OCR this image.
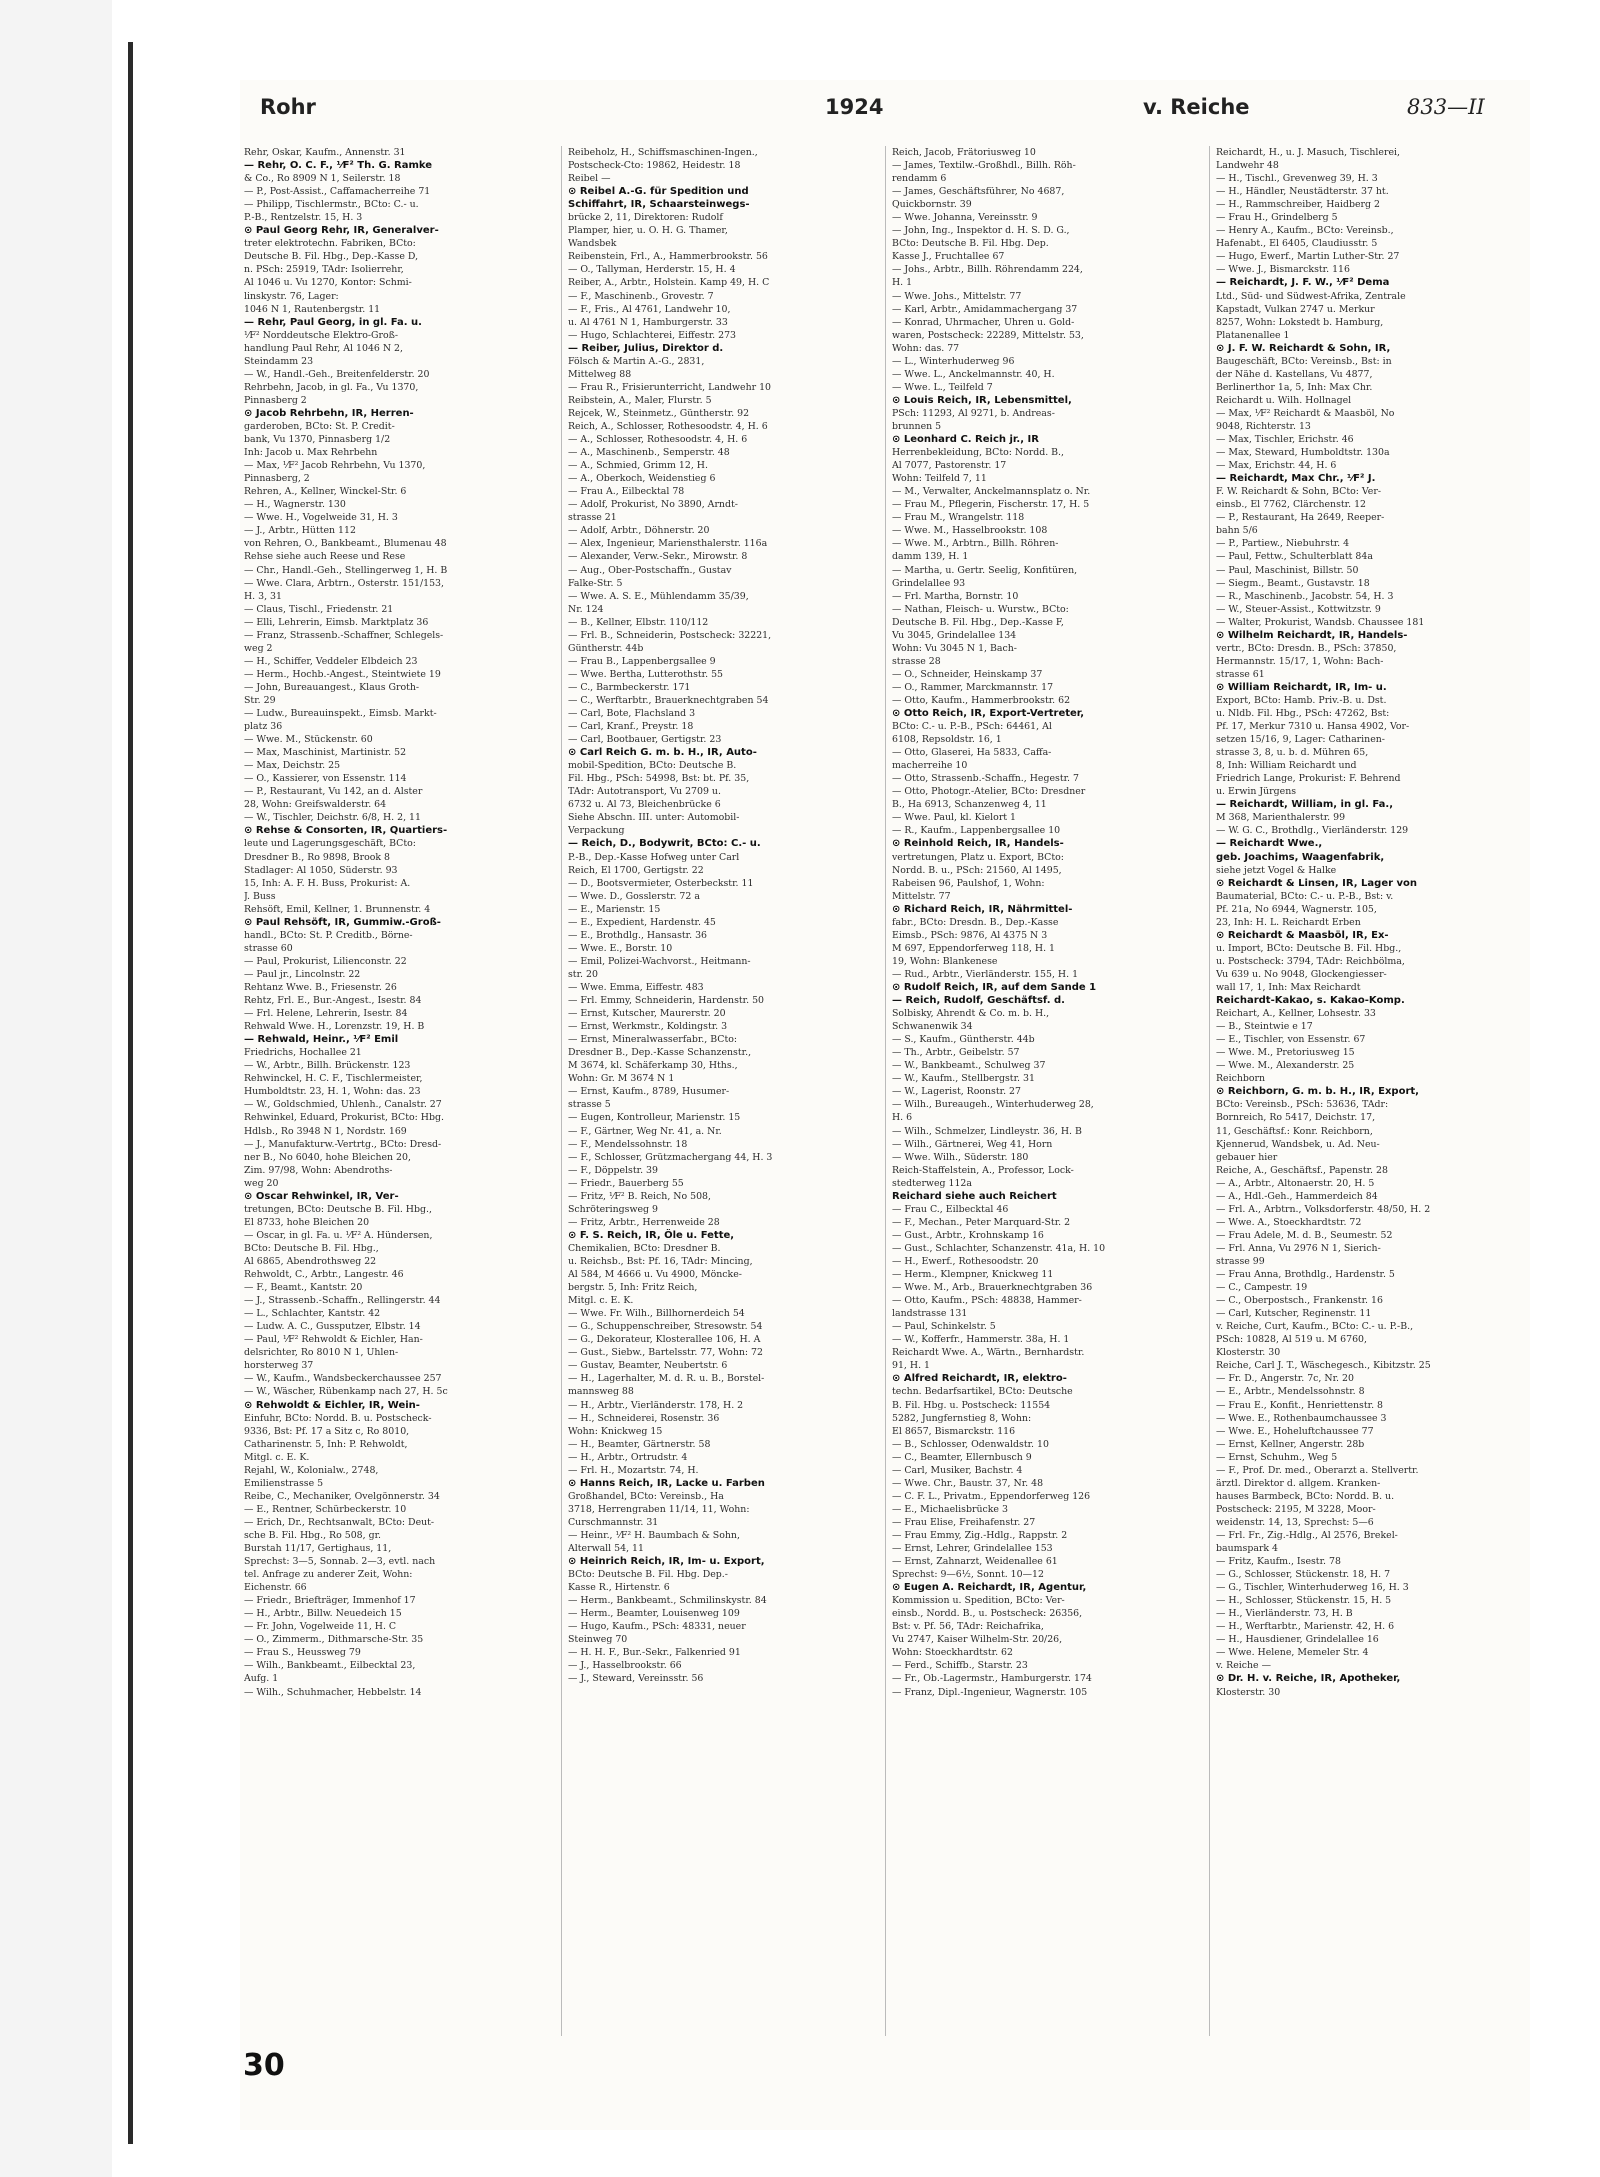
Rohr	1924	v. Reiche	833—II
Rehr, Oskar, Kaufm., Annenstr. 31
— Rehr, O. C. F., ⅟F² Th. G. Ramke
& Co., Ro 8909 N 1, Seilerstr. 18
— P., Post-Assist., Caffamacherreihe 71
— Philipp, Tischlermstr., BCto: C.- u.
P.-B., Rentzelstr. 15, H. 3
⊙ Paul Georg Rehr, IR, Generalver-
treter elektrotechn. Fabriken, BCto:
Deutsche B. Fil. Hbg., Dep.-Kasse D,
n. PSch: 25919, TAdr: Isolierrehr,
Al 1046 u. Vu 1270, Kontor: Schmi-
linskystr. 76, Lager:
1046 N 1, Rautenbergstr. 11
— Rehr, Paul Georg, in gl. Fa. u.
⅟F² Norddeutsche Elektro-Groß-
handlung Paul Rehr, Al 1046 N 2,
Steindamm 23
— W., Handl.-Geh., Breitenfelderstr. 20
Rehrbehn, Jacob, in gl. Fa., Vu 1370,
Pinnasberg 2
⊙ Jacob Rehrbehn, IR, Herren-
garderoben, BCto: St. P. Credit-
bank, Vu 1370, Pinnasberg 1/2
Inh: Jacob u. Max Rehrbehn
— Max, ⅟F² Jacob Rehrbehn, Vu 1370,
Pinnasberg, 2
Rehren, A., Kellner, Winckel-Str. 6
— H., Wagnerstr. 130
— Wwe. H., Vogelweide 31, H. 3
— J., Arbtr., Hütten 112
von Rehren, O., Bankbeamt., Blumenau 48
Rehse siehe auch Reese und Rese
— Chr., Handl.-Geh., Stellingerweg 1, H. B
— Wwe. Clara, Arbtrn., Osterstr. 151/153,
H. 3, 31
— Claus, Tischl., Friedenstr. 21
— Elli, Lehrerin, Eimsb. Marktplatz 36
— Franz, Strassenb.-Schaffner, Schlegels-
weg 2
— H., Schiffer, Veddeler Elbdeich 23
— Herm., Hochb.-Angest., Steintwiete 19
— John, Bureauangest., Klaus Groth-
Str. 29
— Ludw., Bureauinspekt., Eimsb. Markt-
platz 36
— Wwe. M., Stückenstr. 60
— Max, Maschinist, Martinistr. 52
— Max, Deichstr. 25
— O., Kassierer, von Essenstr. 114
— P., Restaurant, Vu 142, an d. Alster
28, Wohn: Greifswalderstr. 64
— W., Tischler, Deichstr. 6/8, H. 2, 11
⊙ Rehse & Consorten, IR, Quartiers-
leute und Lagerungsgeschäft, BCto:
Dresdner B., Ro 9898, Brook 8
Stadlager: Al 1050, Süderstr. 93
15, Inh: A. F. H. Buss, Prokurist: A.
J. Buss
Rehsöft, Emil, Kellner, 1. Brunnenstr. 4
⊙ Paul Rehsöft, IR, Gummiw.-Groß-
handl., BCto: St. P. Creditb., Börne-
strasse 60
— Paul, Prokurist, Lilienconstr. 22
— Paul jr., Lincolnstr. 22
Rehtanz Wwe. B., Friesenstr. 26
Rehtz, Frl. E., Bur.-Angest., Isestr. 84
— Frl. Helene, Lehrerin, Isestr. 84
Rehwald Wwe. H., Lorenzstr. 19, H. B
— Rehwald, Heinr., ⅟F² Emil
Friedrichs, Hochallee 21
— W., Arbtr., Billh. Brückenstr. 123
Rehwinckel, H. C. F., Tischlermeister,
Humboldtstr. 23, H. 1, Wohn: das. 23
— W., Goldschmied, Uhlenh., Canalstr. 27
Rehwinkel, Eduard, Prokurist, BCto: Hbg.
Hdlsb., Ro 3948 N 1, Nordstr. 169
— J., Manufakturw.-Vertrtg., BCto: Dresd-
ner B., No 6040, hohe Bleichen 20,
Zim. 97/98, Wohn: Abendroths-
weg 20
⊙ Oscar Rehwinkel, IR, Ver-
tretungen, BCto: Deutsche B. Fil. Hbg.,
El 8733, hohe Bleichen 20
— Oscar, in gl. Fa. u. ⅟F² A. Hündersen,
BCto: Deutsche B. Fil. Hbg.,
Al 6865, Abendrothsweg 22
Rehwoldt, C., Arbtr., Langestr. 46
— F., Beamt., Kantstr. 20
— J., Strassenb.-Schaffn., Rellingerstr. 44
— L., Schlachter, Kantstr. 42
— Ludw. A. C., Gussputzer, Elbstr. 14
— Paul, ⅟F² Rehwoldt & Eichler, Han-
delsrichter, Ro 8010 N 1, Uhlen-
horsterweg 37
— W., Kaufm., Wandsbeckerchaussee 257
— W., Wäscher, Rübenkamp nach 27, H. 5c
⊙ Rehwoldt & Eichler, IR, Wein-
Einfuhr, BCto: Nordd. B. u. Postscheck-
9336, Bst: Pf. 17 a Sitz c, Ro 8010,
Catharinenstr. 5, Inh: P. Rehwoldt,
Mitgl. c. E. K.
Rejahl, W., Kolonialw., 2748,
Emilienstrasse 5
Reibe, C., Mechaniker, Ovelgönnerstr. 34
— E., Rentner, Schürbeckerstr. 10
— Erich, Dr., Rechtsanwalt, BCto: Deut-
sche B. Fil. Hbg., Ro 508, gr.
Burstah 11/17, Gertighaus, 11,
Sprechst: 3—5, Sonnab. 2—3, evtl. nach
tel. Anfrage zu anderer Zeit, Wohn:
Eichenstr. 66
— Friedr., Briefträger, Immenhof 17
— H., Arbtr., Billw. Neuedeich 15
— Fr. John, Vogelweide 11, H. C
— O., Zimmerm., Dithmarsche-Str. 35
— Frau S., Heussweg 79
— Wilh., Bankbeamt., Eilbecktal 23,
Aufg. 1
— Wilh., Schuhmacher, Hebbelstr. 14
Reibeholz, H., Schiffsmaschinen-Ingen.,
Postscheck-Cto: 19862, Heidestr. 18
Reibel —
⊙ Reibel A.-G. für Spedition und
Schiffahrt, IR, Schaarsteinwegs-
brücke 2, 11, Direktoren: Rudolf
Plamper, hier, u. O. H. G. Thamer,
Wandsbek
Reibenstein, Frl., A., Hammerbrookstr. 56
— O., Tallyman, Herderstr. 15, H. 4
Reiber, A., Arbtr., Holstein. Kamp 49, H. C
— F., Maschinenb., Grovestr. 7
— F., Fris., Al 4761, Landwehr 10,
u. Al 4761 N 1, Hamburgerstr. 33
— Hugo, Schlachterei, Eiffestr. 273
— Reiber, Julius, Direktor d.
Fölsch & Martin A.-G., 2831,
Mittelweg 88
— Frau R., Frisierunterricht, Landwehr 10
Reibstein, A., Maler, Flurstr. 5
Rejcek, W., Steinmetz., Güntherstr. 92
Reich, A., Schlosser, Rothesoodstr. 4, H. 6
— A., Schlosser, Rothesoodstr. 4, H. 6
— A., Maschinenb., Semperstr. 48
— A., Schmied, Grimm 12, H.
— A., Oberkoch, Weidenstieg 6
— Frau A., Eilbecktal 78
— Adolf, Prokurist, No 3890, Arndt-
strasse 21
— Adolf, Arbtr., Döhnerstr. 20
— Alex, Ingenieur, Mariensthalerstr. 116a
— Alexander, Verw.-Sekr., Mirowstr. 8
— Aug., Ober-Postschaffn., Gustav
Falke-Str. 5
— Wwe. A. S. E., Mühlendamm 35/39,
Nr. 124
— B., Kellner, Elbstr. 110/112
— Frl. B., Schneiderin, Postscheck: 32221,
Güntherstr. 44b
— Frau B., Lappenbergsallee 9
— Wwe. Bertha, Lutterothstr. 55
— C., Barmbeckerstr. 171
— C., Werftarbtr., Brauerknechtgraben 54
— Carl, Bote, Flachsland 3
— Carl, Kranf., Preystr. 18
— Carl, Bootbauer, Gertigstr. 23
⊙ Carl Reich G. m. b. H., IR, Auto-
mobil-Spedition, BCto: Deutsche B.
Fil. Hbg., PSch: 54998, Bst: bt. Pf. 35,
TAdr: Autotransport, Vu 2709 u.
6732 u. Al 73, Bleichenbrücke 6
Siehe Abschn. III. unter: Automobil-
Verpackung
— Reich, D., Bodywrit, BCto: C.- u.
P.-B., Dep.-Kasse Hofweg unter Carl
Reich, El 1700, Gertigstr. 22
— D., Bootsvermieter, Osterbeckstr. 11
— Wwe. D., Gosslerstr. 72 a
— E., Marienstr. 15
— E., Expedient, Hardenstr. 45
— E., Brothdlg., Hansastr. 36
— Wwe. E., Borstr. 10
— Emil, Polizei-Wachvorst., Heitmann-
str. 20
— Wwe. Emma, Eiffestr. 483
— Frl. Emmy, Schneiderin, Hardenstr. 50
— Ernst, Kutscher, Maurerstr. 20
— Ernst, Werkmstr., Koldingstr. 3
— Ernst, Mineralwasserfabr., BCto:
Dresdner B., Dep.-Kasse Schanzenstr.,
M 3674, kl. Schäferkamp 30, Hths.,
Wohn: Gr. M 3674 N 1
— Ernst, Kaufm., 8789, Husumer-
strasse 5
— Eugen, Kontrolleur, Marienstr. 15
— F., Gärtner, Weg Nr. 41, a. Nr.
— F., Mendelssohnstr. 18
— F., Schlosser, Grützmachergang 44, H. 3
— F., Döppelstr. 39
— Friedr., Bauerberg 55
— Fritz, ⅟F² B. Reich, No 508,
Schröteringsweg 9
— Fritz, Arbtr., Herrenweide 28
⊙ F. S. Reich, IR, Öle u. Fette,
Chemikalien, BCto: Dresdner B.
u. Reichsb., Bst: Pf. 16, TAdr: Mincing,
Al 584, M 4666 u. Vu 4900, Möncke-
bergstr. 5, Inh: Fritz Reich,
Mitgl. c. E. K.
— Wwe. Fr. Wilh., Billhornerdeich 54
— G., Schuppenschreiber, Stresowstr. 54
— G., Dekorateur, Klosterallee 106, H. A
— Gust., Siebw., Bartelsstr. 77, Wohn: 72
— Gustav, Beamter, Neubertstr. 6
— H., Lagerhalter, M. d. R. u. B., Borstel-
mannsweg 88
— H., Arbtr., Vierländerstr. 178, H. 2
— H., Schneiderei, Rosenstr. 36
Wohn: Knickweg 15
— H., Beamter, Gärtnerstr. 58
— H., Arbtr., Ortrudstr. 4
— Frl. H., Mozartstr. 74, H.
⊙ Hanns Reich, IR, Lacke u. Farben
Großhandel, BCto: Vereinsb., Ha
3718, Herrengraben 11/14, 11, Wohn:
Curschmannstr. 31
— Heinr., ⅟F² H. Baumbach & Sohn,
Alterwall 54, 11
⊙ Heinrich Reich, IR, Im- u. Export,
BCto: Deutsche B. Fil. Hbg. Dep.-
Kasse R., Hirtenstr. 6
— Herm., Bankbeamt., Schmilinskystr. 84
— Herm., Beamter, Louisenweg 109
— Hugo, Kaufm., PSch: 48331, neuer
Steinweg 70
— H. H. F., Bur.-Sekr., Falkenried 91
— J., Hasselbrookstr. 66
— J., Steward, Vereinsstr. 56
Reich, Jacob, Frätoriusweg 10
— James, Textilw.-Großhdl., Billh. Röh-
rendamm 6
— James, Geschäftsführer, No 4687,
Quickbornstr. 39
— Wwe. Johanna, Vereinsstr. 9
— John, Ing., Inspektor d. H. S. D. G.,
BCto: Deutsche B. Fil. Hbg. Dep.
Kasse J., Fruchtallee 67
— Johs., Arbtr., Billh. Röhrendamm 224,
H. 1
— Wwe. Johs., Mittelstr. 77
— Karl, Arbtr., Amidammachergang 37
— Konrad, Uhrmacher, Uhren u. Gold-
waren, Postscheck: 22289, Mittelstr. 53,
Wohn: das. 77
— L., Winterhuderweg 96
— Wwe. L., Anckelmannstr. 40, H.
— Wwe. L., Teilfeld 7
⊙ Louis Reich, IR, Lebensmittel,
PSch: 11293, Al 9271, b. Andreas-
brunnen 5
⊙ Leonhard C. Reich jr., IR
Herrenbekleidung, BCto: Nordd. B.,
Al 7077, Pastorenstr. 17
Wohn: Teilfeld 7, 11
— M., Verwalter, Anckelmannsplatz o. Nr.
— Frau M., Pflegerin, Fischerstr. 17, H. 5
— Frau M., Wrangelstr. 118
— Wwe. M., Hasselbrookstr. 108
— Wwe. M., Arbtrn., Billh. Röhren-
damm 139, H. 1
— Martha, u. Gertr. Seelig, Konfitüren,
Grindelallee 93
— Frl. Martha, Bornstr. 10
— Nathan, Fleisch- u. Wurstw., BCto:
Deutsche B. Fil. Hbg., Dep.-Kasse F,
Vu 3045, Grindelallee 134
Wohn: Vu 3045 N 1, Bach-
strasse 28
— O., Schneider, Heinskamp 37
— O., Rammer, Marckmannstr. 17
— Otto, Kaufm., Hammerbrookstr. 62
⊙ Otto Reich, IR, Export-Vertreter,
BCto: C.- u. P.-B., PSch: 64461, Al
6108, Repsoldstr. 16, 1
— Otto, Glaserei, Ha 5833, Caffa-
macherreihe 10
— Otto, Strassenb.-Schaffn., Hegestr. 7
— Otto, Photogr.-Atelier, BCto: Dresdner
B., Ha 6913, Schanzenweg 4, 11
— Wwe. Paul, kl. Kielort 1
— R., Kaufm., Lappenbergsallee 10
⊙ Reinhold Reich, IR, Handels-
vertretungen, Platz u. Export, BCto:
Nordd. B. u., PSch: 21560, Al 1495,
Rabeisen 96, Paulshof, 1, Wohn:
Mittelstr. 77
⊙ Richard Reich, IR, Nährmittel-
fabr., BCto: Dresdn. B., Dep.-Kasse
Eimsb., PSch: 9876, Al 4375 N 3
M 697, Eppendorferweg 118, H. 1
19, Wohn: Blankenese
— Rud., Arbtr., Vierländerstr. 155, H. 1
⊙ Rudolf Reich, IR, auf dem Sande 1
— Reich, Rudolf, Geschäftsf. d.
Solbisky, Ahrendt & Co. m. b. H.,
Schwanenwik 34
— S., Kaufm., Güntherstr. 44b
— Th., Arbtr., Geibelstr. 57
— W., Bankbeamt., Schulweg 37
— W., Kaufm., Stellbergstr. 31
— W., Lagerist, Roonstr. 27
— Wilh., Bureaugeh., Winterhuderweg 28,
H. 6
— Wilh., Schmelzer, Lindleystr. 36, H. B
— Wilh., Gärtnerei, Weg 41, Horn
— Wwe. Wilh., Süderstr. 180
Reich-Staffelstein, A., Professor, Lock-
stedterweg 112a
Reichard siehe auch Reichert
— Frau C., Eilbecktal 46
— F., Mechan., Peter Marquard-Str. 2
— Gust., Arbtr., Krohnskamp 16
— Gust., Schlachter, Schanzenstr. 41a, H. 10
— H., Ewerf., Rothesoodstr. 20
— Herm., Klempner, Knickweg 11
— Wwe. M., Arb., Brauerknechtgraben 36
— Otto, Kaufm., PSch: 48838, Hammer-
landstrasse 131
— Paul, Schinkelstr. 5
— W., Kofferfr., Hammerstr. 38a, H. 1
Reichardt Wwe. A., Wärtn., Bernhardstr.
91, H. 1
⊙ Alfred Reichardt, IR, elektro-
techn. Bedarfsartikel, BCto: Deutsche
B. Fil. Hbg. u. Postscheck: 11554
5282, Jungfernstieg 8, Wohn:
El 8657, Bismarckstr. 116
— B., Schlosser, Odenwaldstr. 10
— C., Beamter, Ellernbusch 9
— Carl, Musiker, Bachstr. 4
— Wwe. Chr., Baustr. 37, Nr. 48
— C. F. L., Privatm., Eppendorferweg 126
— E., Michaelisbrücke 3
— Frau Elise, Freihafenstr. 27
— Frau Emmy, Zig.-Hdlg., Rappstr. 2
— Ernst, Lehrer, Grindelallee 153
— Ernst, Zahnarzt, Weidenallee 61
Sprechst: 9—6½, Sonnt. 10—12
⊙ Eugen A. Reichardt, IR, Agentur,
Kommission u. Spedition, BCto: Ver-
einsb., Nordd. B., u. Postscheck: 26356,
Bst: v. Pf. 56, TAdr: Reichafrika,
Vu 2747, Kaiser Wilhelm-Str. 20/26,
Wohn: Stoeckhardtstr. 62
— Ferd., Schiffb., Starstr. 23
— Fr., Ob.-Lagermstr., Hamburgerstr. 174
— Franz, Dipl.-Ingenieur, Wagnerstr. 105
Reichardt, H., u. J. Masuch, Tischlerei,
Landwehr 48
— H., Tischl., Grevenweg 39, H. 3
— H., Händler, Neustädterstr. 37 ht.
— H., Rammschreiber, Haidberg 2
— Frau H., Grindelberg 5
— Henry A., Kaufm., BCto: Vereinsb.,
Hafenabt., El 6405, Claudiusstr. 5
— Hugo, Ewerf., Martin Luther-Str. 27
— Wwe. J., Bismarckstr. 116
— Reichardt, J. F. W., ⅟F² Dema
Ltd., Süd- und Südwest-Afrika, Zentrale
Kapstadt, Vulkan 2747 u. Merkur
8257, Wohn: Lokstedt b. Hamburg,
Platanenallee 1
⊙ J. F. W. Reichardt & Sohn, IR,
Baugeschäft, BCto: Vereinsb., Bst: in
der Nähe d. Kastellans, Vu 4877,
Berlinerthor 1a, 5, Inh: Max Chr.
Reichardt u. Wilh. Hollnagel
— Max, ⅟F² Reichardt & Maasböl, No
9048, Richterstr. 13
— Max, Tischler, Erichstr. 46
— Max, Steward, Humboldtstr. 130a
— Max, Erichstr. 44, H. 6
— Reichardt, Max Chr., ⅟F² J.
F. W. Reichardt & Sohn, BCto: Ver-
einsb., El 7762, Clärchenstr. 12
— P., Restaurant, Ha 2649, Reeper-
bahn 5/6
— P., Partiew., Niebuhrstr. 4
— Paul, Fettw., Schulterblatt 84a
— Paul, Maschinist, Billstr. 50
— Siegm., Beamt., Gustavstr. 18
— R., Maschinenb., Jacobstr. 54, H. 3
— W., Steuer-Assist., Kottwitzstr. 9
— Walter, Prokurist, Wandsb. Chaussee 181
⊙ Wilhelm Reichardt, IR, Handels-
vertr., BCto: Dresdn. B., PSch: 37850,
Hermannstr. 15/17, 1, Wohn: Bach-
strasse 61
⊙ William Reichardt, IR, Im- u.
Export, BCto: Hamb. Priv.-B. u. Dst.
u. Nldb. Fil. Hbg., PSch: 47262, Bst:
Pf. 17, Merkur 7310 u. Hansa 4902, Vor-
setzen 15/16, 9, Lager: Catharinen-
strasse 3, 8, u. b. d. Mühren 65,
8, Inh: William Reichardt und
Friedrich Lange, Prokurist: F. Behrend
u. Erwin Jürgens
— Reichardt, William, in gl. Fa.,
M 368, Marienthalerstr. 99
— W. G. C., Brothdlg., Vierländerstr. 129
— Reichardt Wwe.,
geb. Joachims, Waagenfabrik,
siehe jetzt Vogel & Halke
⊙ Reichardt & Linsen, IR, Lager von
Baumaterial, BCto: C.- u. P.-B., Bst: v.
Pf. 21a, No 6944, Wagnerstr. 105,
23, Inh: H. L. Reichardt Erben
⊙ Reichardt & Maasböl, IR, Ex-
u. Import, BCto: Deutsche B. Fil. Hbg.,
u. Postscheck: 3794, TAdr: Reichbölma,
Vu 639 u. No 9048, Glockengiesser-
wall 17, 1, Inh: Max Reichardt
Reichardt-Kakao, s. Kakao-Komp.
Reichart, A., Kellner, Lohsestr. 33
— B., Steintwie e 17
— E., Tischler, von Essenstr. 67
— Wwe. M., Pretoriusweg 15
— Wwe. M., Alexanderstr. 25
Reichborn
⊙ Reichborn, G. m. b. H., IR, Export,
BCto: Vereinsb., PSch: 53636, TAdr:
Bornreich, Ro 5417, Deichstr. 17,
11, Geschäftsf.: Konr. Reichborn,
Kjennerud, Wandsbek, u. Ad. Neu-
gebauer hier
Reiche, A., Geschäftsf., Papenstr. 28
— A., Arbtr., Altonaerstr. 20, H. 5
— A., Hdl.-Geh., Hammerdeich 84
— Frl. A., Arbtrn., Volksdorferstr. 48/50, H. 2
— Wwe. A., Stoeckhardtstr. 72
— Frau Adele, M. d. B., Seumestr. 52
— Frl. Anna, Vu 2976 N 1, Sierich-
strasse 99
— Frau Anna, Brothdlg., Hardenstr. 5
— C., Campestr. 19
— C., Oberpostsch., Frankenstr. 16
— Carl, Kutscher, Reginenstr. 11
v. Reiche, Curt, Kaufm., BCto: C.- u. P.-B.,
PSch: 10828, Al 519 u. M 6760,
Klosterstr. 30
Reiche, Carl J. T., Wäschegesch., Kibitzstr. 25
— Fr. D., Angerstr. 7c, Nr. 20
— E., Arbtr., Mendelssohnstr. 8
— Frau E., Konfit., Henriettenstr. 8
— Wwe. E., Rothenbaumchaussee 3
— Wwe. E., Hoheluftchaussee 77
— Ernst, Kellner, Angerstr. 28b
— Ernst, Schuhm., Weg 5
— F., Prof. Dr. med., Oberarzt a. Stellvertr.
ärztl. Direktor d. allgem. Kranken-
hauses Barmbeck, BCto: Nordd. B. u.
Postscheck: 2195, M 3228, Moor-
weidenstr. 14, 13, Sprechst: 5—6
— Frl. Fr., Zig.-Hdlg., Al 2576, Brekel-
baumspark 4
— Fritz, Kaufm., Isestr. 78
— G., Schlosser, Stückenstr. 18, H. 7
— G., Tischler, Winterhuderweg 16, H. 3
— H., Schlosser, Stückenstr. 15, H. 5
— H., Vierländerstr. 73, H. B
— H., Werftarbtr., Marienstr. 42, H. 6
— H., Hausdiener, Grindelallee 16
— Wwe. Helene, Memeler Str. 4
v. Reiche —
⊙ Dr. H. v. Reiche, IR, Apotheker,
Klosterstr. 30
30
